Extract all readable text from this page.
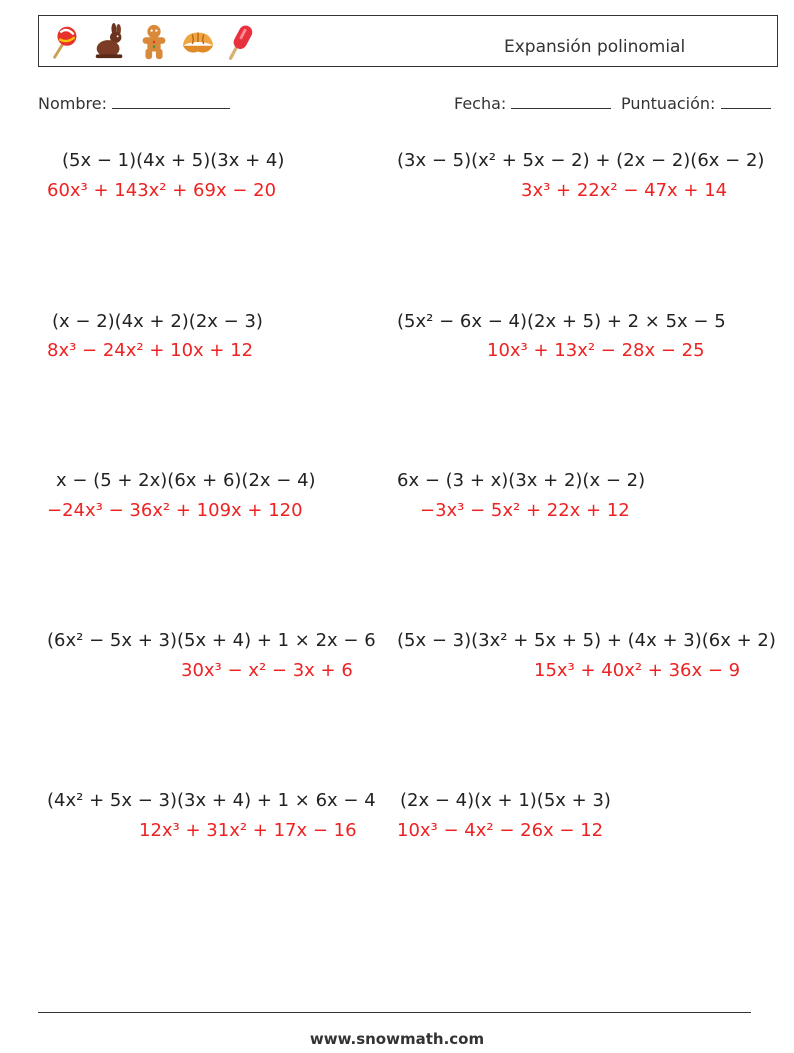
Expansión polinomial
Nombre:	Fecha:	Puntuación:
(5x − 1)(4x + 5)(3x + 4)
60x³ + 143x² + 69x − 20
(3x − 5)(x² + 5x − 2) + (2x − 2)(6x − 2)
3x³ + 22x² − 47x + 14
(x − 2)(4x + 2)(2x − 3)
8x³ − 24x² + 10x + 12
(5x² − 6x − 4)(2x + 5) + 2 × 5x − 5
10x³ + 13x² − 28x − 25
x − (5 + 2x)(6x + 6)(2x − 4)
−24x³ − 36x² + 109x + 120
6x − (3 + x)(3x + 2)(x − 2)
−3x³ − 5x² + 22x + 12
(6x² − 5x + 3)(5x + 4) + 1 × 2x − 6
30x³ − x² − 3x + 6
(5x − 3)(3x² + 5x + 5) + (4x + 3)(6x + 2)
15x³ + 40x² + 36x − 9
(4x² + 5x − 3)(3x + 4) + 1 × 6x − 4
12x³ + 31x² + 17x − 16
(2x − 4)(x + 1)(5x + 3)
10x³ − 4x² − 26x − 12
www.snowmath.com
